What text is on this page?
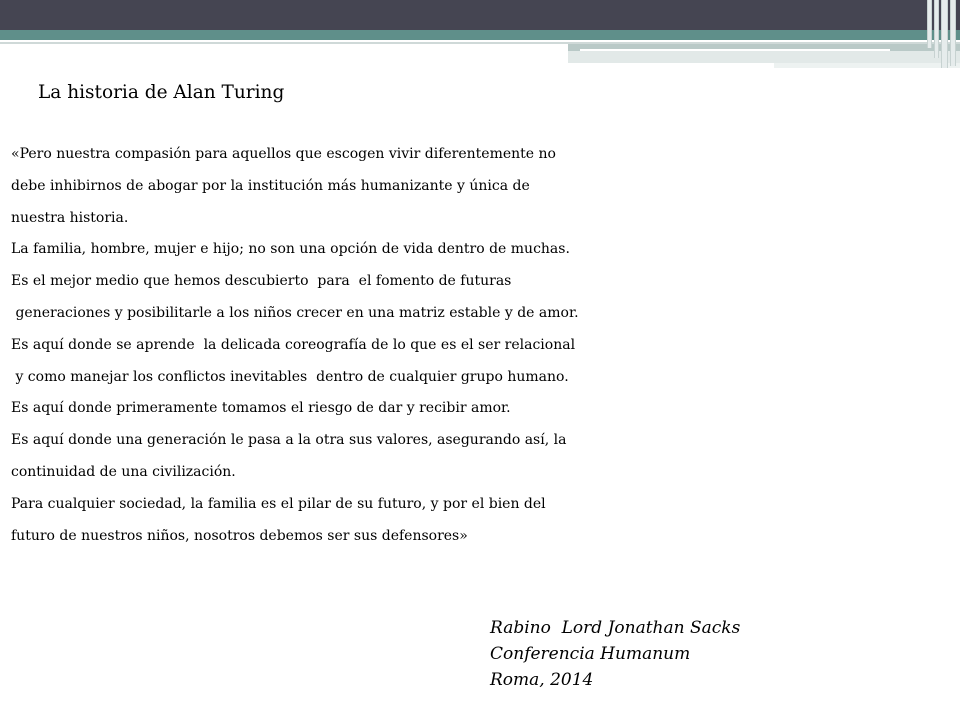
La historia de Alan Turing
«Pero nuestra compasión para aquellos que escogen vivir diferentemente no
debe inhibirnos de abogar por la institución más humanizante y única de
nuestra historia.
La familia, hombre, mujer e hijo; no son una opción de vida dentro de muchas.
Es el mejor medio que hemos descubierto  para  el fomento de futuras
generaciones y posibilitarle a los niños crecer en una matriz estable y de amor.
Es aquí donde se aprende  la delicada coreografía de lo que es el ser relacional
y como manejar los conflictos inevitables  dentro de cualquier grupo humano.
Es aquí donde primeramente tomamos el riesgo de dar y recibir amor.
Es aquí donde una generación le pasa a la otra sus valores, asegurando así, la
continuidad de una civilización.
Para cualquier sociedad, la familia es el pilar de su futuro, y por el bien del
futuro de nuestros niños, nosotros debemos ser sus defensores»
Rabino  Lord Jonathan Sacks
Conferencia Humanum
Roma, 2014
